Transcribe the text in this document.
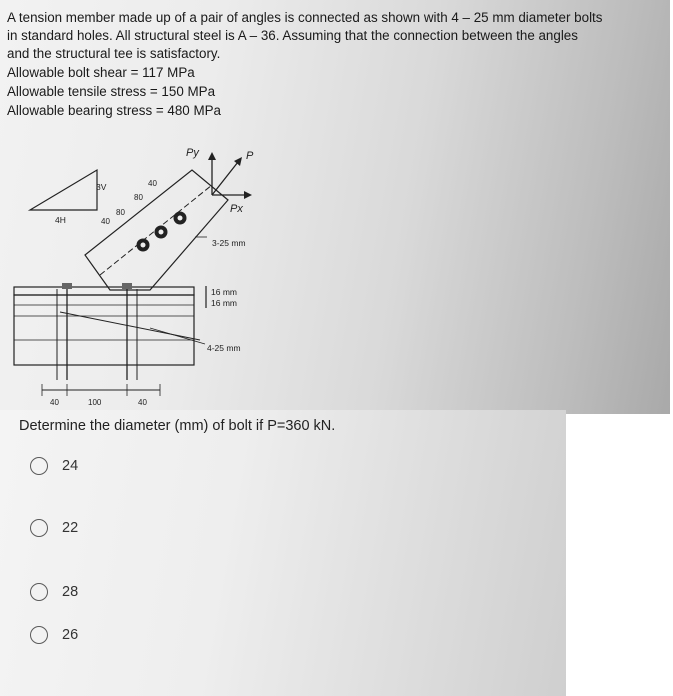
A tension member made up of a pair of angles is connected as shown with 4 – 25 mm diameter bolts
in standard holes. All structural steel is A – 36. Assuming that the connection between the angles
and the structural tee is satisfactory.
Allowable bolt shear = 117 MPa
Allowable tensile stress = 150 MPa
Allowable bearing stress = 480 MPa
3V
4H
40
80
80
40
Py	P
Px
3-25 mm
16 mm
16 mm
4-25 mm
40	100	40
Determine the diameter (mm) of bolt if P=360 kN.
24
22
28
26
